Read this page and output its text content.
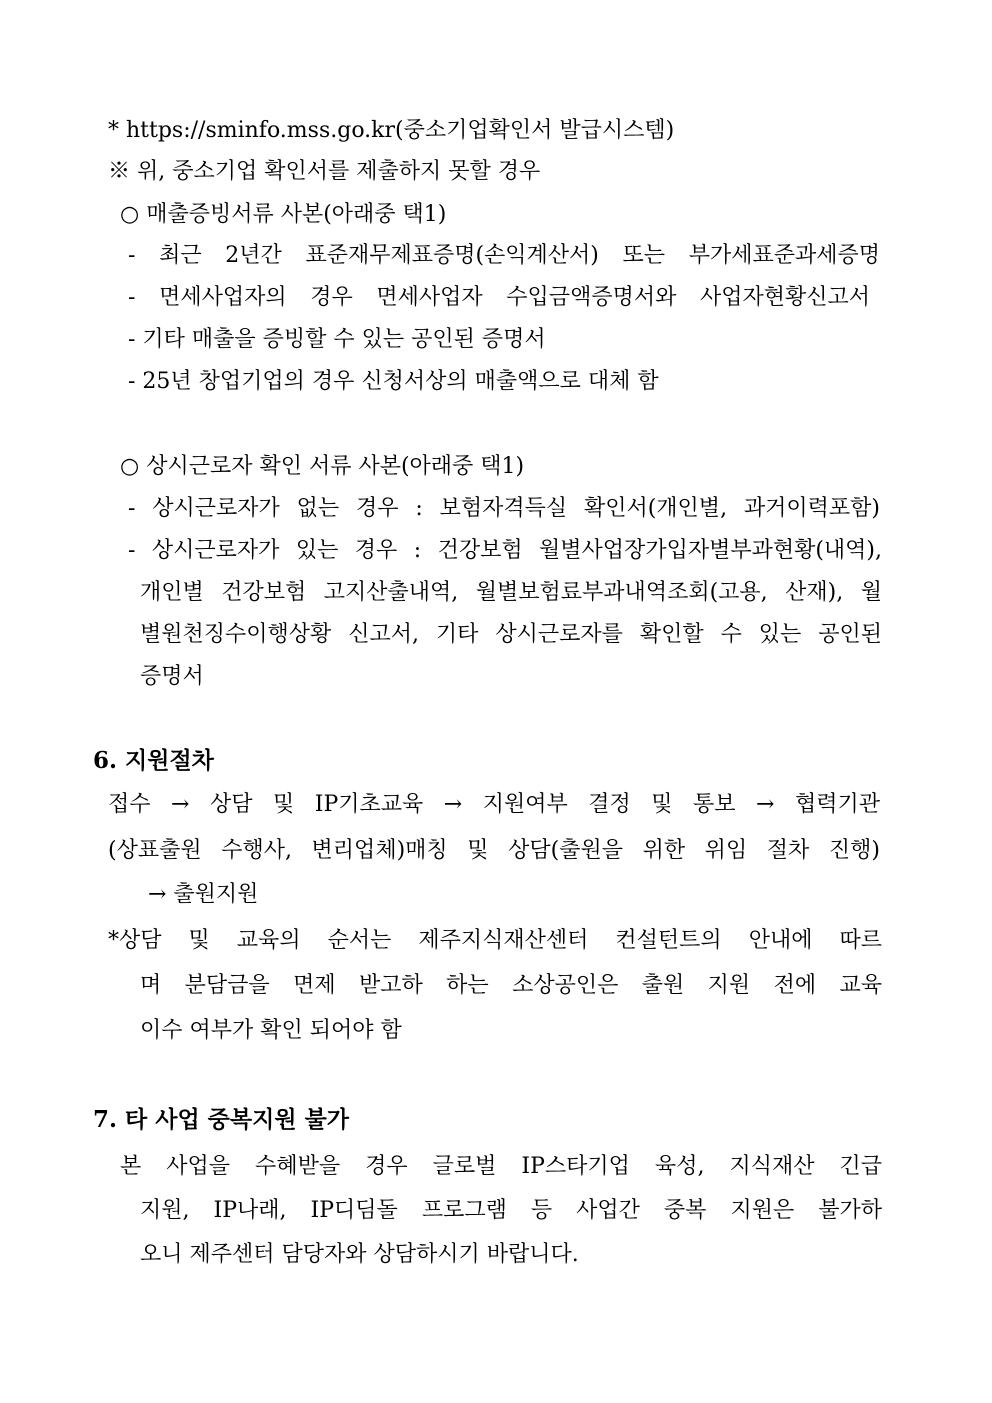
* https://sminfo.mss.go.kr(중소기업확인서 발급시스템)
※ 위, 중소기업 확인서를 제출하지 못할 경우
○ 매출증빙서류 사본(아래중 택1)
- 최근 2년간 표준재무제표증명(손익계산서) 또는 부가세표준과세증명
- 면세사업자의 경우 면세사업자 수입금액증명서와 사업자현황신고서
- 기타 매출을 증빙할 수 있는 공인된 증명서
- 25년 창업기업의 경우 신청서상의 매출액으로 대체 함
○ 상시근로자 확인 서류 사본(아래중 택1)
- 상시근로자가 없는 경우 : 보험자격득실 확인서(개인별, 과거이력포함)
- 상시근로자가 있는 경우 : 건강보험 월별사업장가입자별부과현황(내역),
개인별 건강보험 고지산출내역, 월별보험료부과내역조회(고용, 산재), 월
별원천징수이행상황 신고서, 기타 상시근로자를 확인할 수 있는 공인된
증명서
6. 지원절차
접수 → 상담 및 IP기초교육 → 지원여부 결정 및 통보 → 협력기관
(상표출원 수행사, 변리업체)매칭 및 상담(출원을 위한 위임 절차 진행)
→ 출원지원
*상담 및 교육의 순서는 제주지식재산센터 컨설턴트의 안내에 따르
며 분담금을 면제 받고하 하는 소상공인은 출원 지원 전에 교육
이수 여부가 확인 되어야 함
7. 타 사업 중복지원 불가
본 사업을 수혜받을 경우 글로벌 IP스타기업 육성, 지식재산 긴급
지원, IP나래, IP디딤돌 프로그램 등 사업간 중복 지원은 불가하
오니 제주센터 담당자와 상담하시기 바랍니다.
